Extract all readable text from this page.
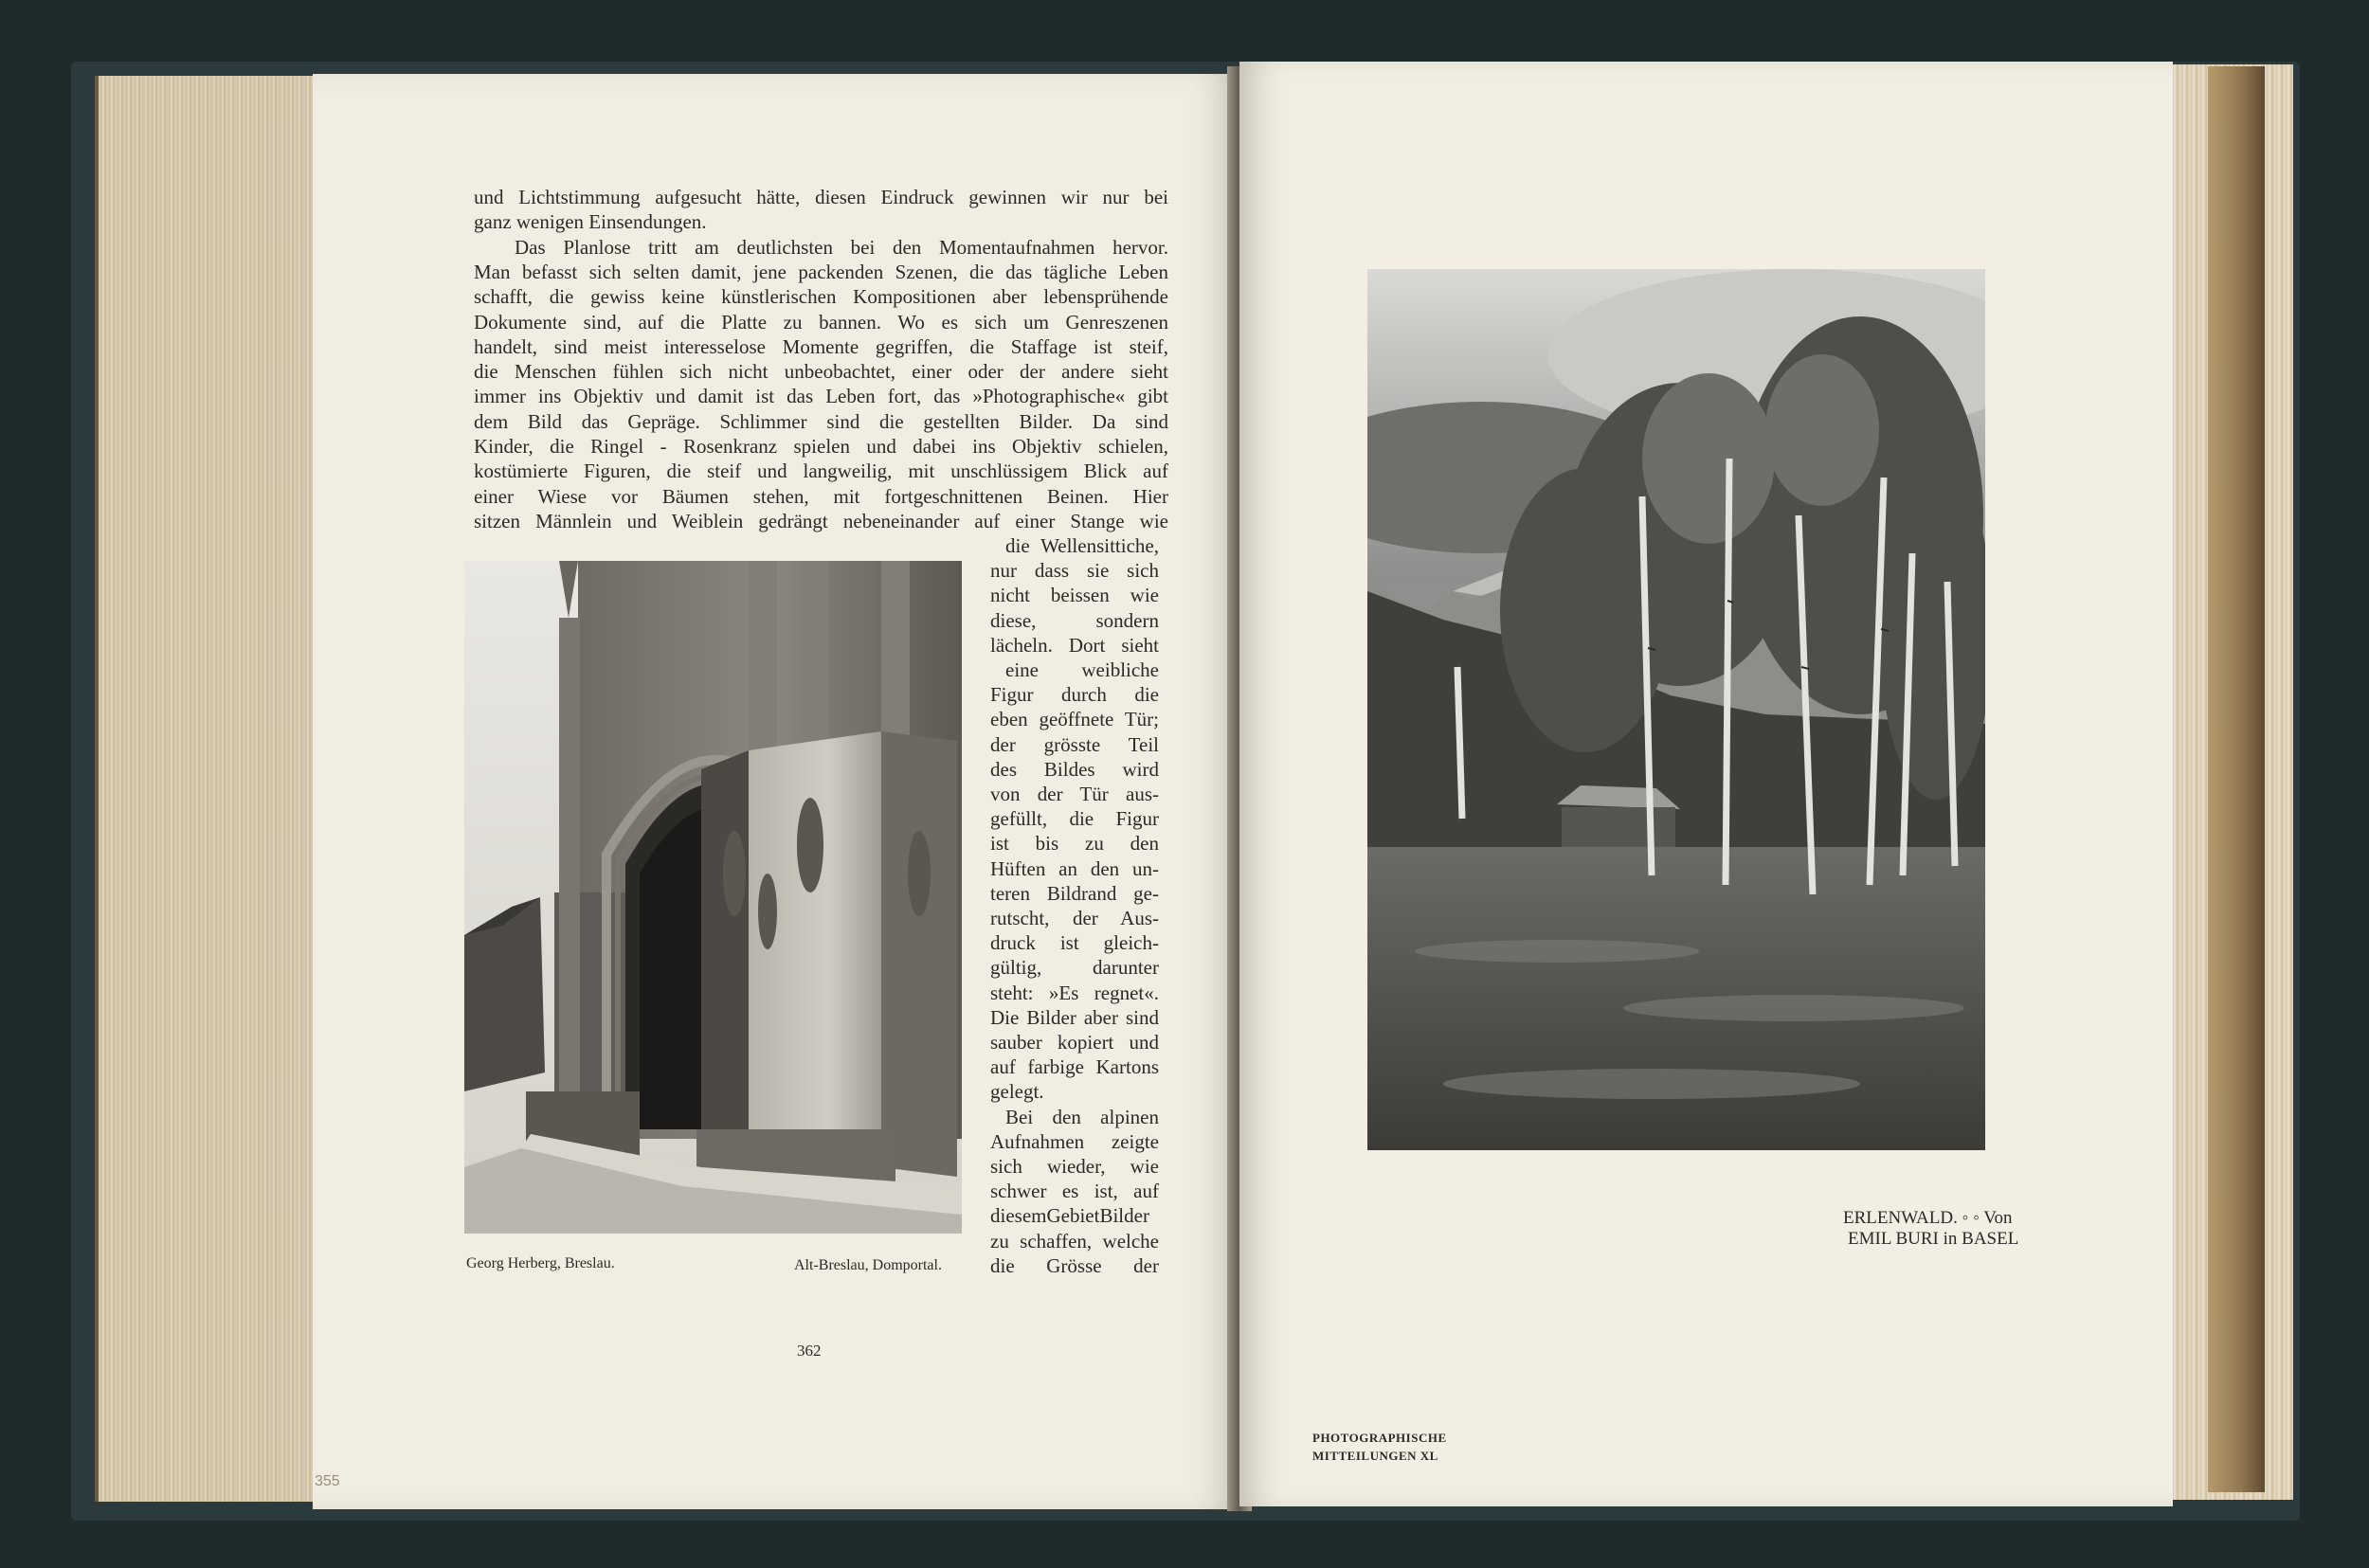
355
und Lichtstimmung aufgesucht hätte, diesen Eindruck gewinnen wir nur bei
ganz wenigen Einsendungen.
Das Planlose tritt am deutlichsten bei den Momentaufnahmen hervor.
Man befasst sich selten damit, jene packenden Szenen, die das tägliche Leben
schafft, die gewiss keine künstlerischen Kompositionen aber lebensprühende
Dokumente sind, auf die Platte zu bannen. Wo es sich um Genreszenen
handelt, sind meist interesselose Momente gegriffen, die Staffage ist steif,
die Menschen fühlen sich nicht unbeobachtet, einer oder der andere sieht
immer ins Objektiv und damit ist das Leben fort, das »Photographische« gibt
dem Bild das Gepräge. Schlimmer sind die gestellten Bilder. Da sind
Kinder, die Ringel - Rosenkranz spielen und dabei ins Objektiv schielen,
kostümierte Figuren, die steif und langweilig, mit unschlüssigem Blick auf
einer Wiese vor Bäumen stehen, mit fortgeschnittenen Beinen. Hier
sitzen Männlein und Weiblein gedrängt nebeneinander auf einer Stange wie
die Wellensittiche,
nur dass sie sich
nicht beissen wie
diese, sondern
lächeln. Dort sieht
eine weibliche
Figur durch die
eben geöffnete Tür;
der grösste Teil
des Bildes wird
von der Tür aus-
gefüllt, die Figur
ist bis zu den
Hüften an den un-
teren Bildrand ge-
rutscht, der Aus-
druck ist gleich-
gültig, darunter
steht: »Es regnet«.
Die Bilder aber sind
sauber kopiert und
auf farbige Kartons
gelegt.
Bei den alpinen
Aufnahmen zeigte
sich wieder, wie
schwer es ist, auf
diesemGebietBilder
zu schaffen, welche
die Grösse der
Georg Herberg, Breslau.	Alt-Breslau, Domportal.
362
ERLENWALD. ◦ ◦ Von
EMIL BURI in BASEL
PHOTOGRAPHISCHE
MITTEILUNGEN XL
